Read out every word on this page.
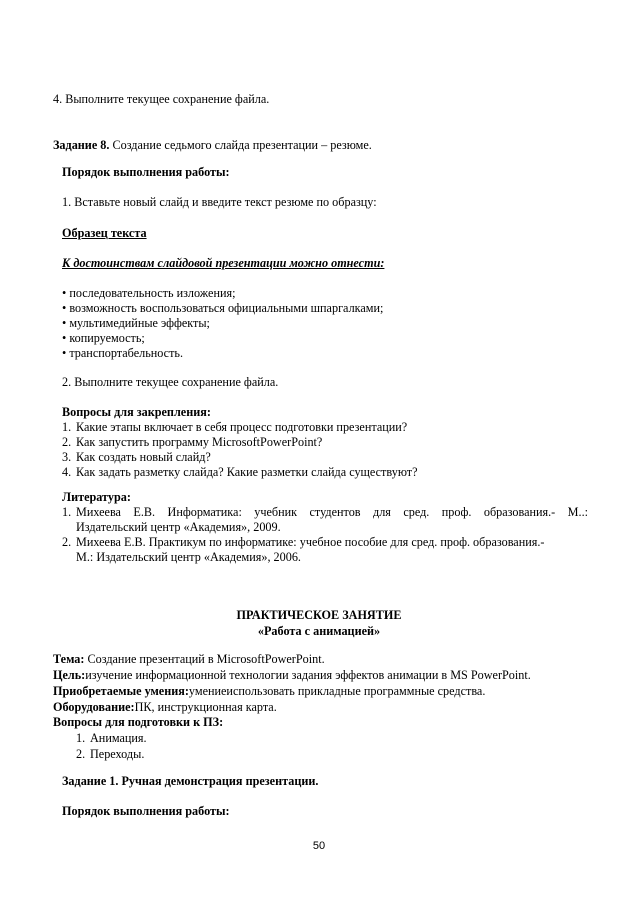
4. Выполните текущее сохранение файла.
Задание 8. Создание седьмого слайда презентации – резюме.
Порядок выполнения работы:
1. Вставьте новый слайд и введите текст резюме по образцу:
Образец текста
К достоинствам слайдовой презентации можно отнести:
• последовательность изложения;
• возможность воспользоваться официальными шпаргалками;
• мультимедийные эффекты;
• копируемость;
• транспортабельность.
2. Выполните текущее сохранение файла.
Вопросы для закрепления:
1. Какие этапы включает в себя процесс подготовки презентации?
2. Как запустить программу MicrosoftPowerPoint?
3. Как создать новый слайд?
4. Как задать разметку слайда? Какие разметки слайда существуют?
Литература:
1. Михеева Е.В. Информатика: учебник студентов для сред. проф. образования.- М..:
Издательский центр «Академия», 2009.
2. Михеева Е.В. Практикум по информатике: учебное пособие для сред. проф. образования.-
М.: Издательский центр «Академия», 2006.
ПРАКТИЧЕСКОЕ ЗАНЯТИЕ
«Работа с анимацией»
Тема: Создание презентаций в MicrosoftPowerPoint.
Цель:изучение информационной технологии задания эффектов анимации в MS PowerPoint.
Приобретаемые умения:умениеиспользовать прикладные программные средства.
Оборудование:ПК, инструкционная карта.
Вопросы для подготовки к ПЗ:
1. Анимация.
2. Переходы.
Задание 1. Ручная демонстрация презентации.
Порядок выполнения работы:
50
